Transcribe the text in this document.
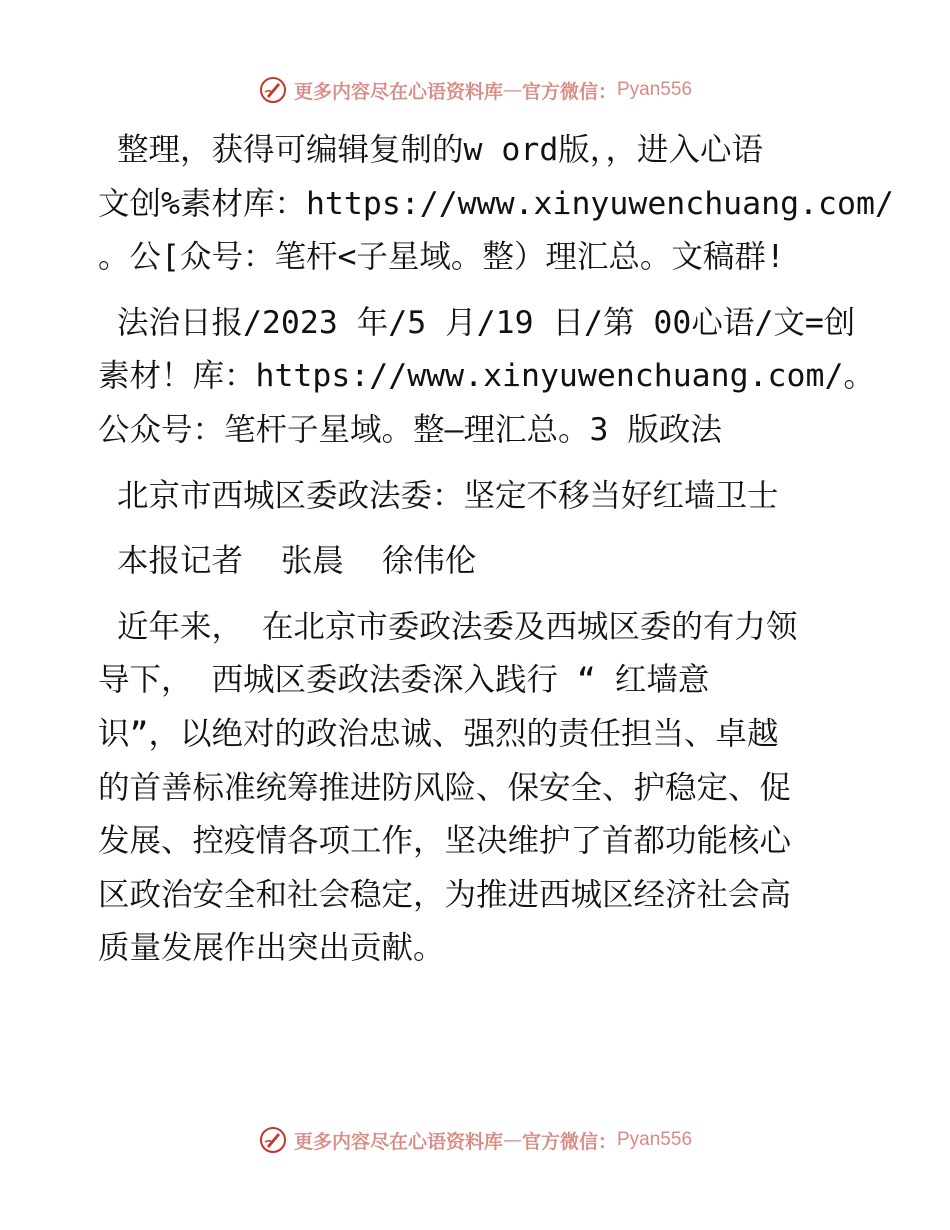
更多内容尽在心语资料库 — 官方微信： Pyan556

整理，获得可编辑复制的w ord版，，进入心语
文创%素材库：https://www.xinyuwenchuang.com/
。公[众号：笔杆<子星域。整）理汇总。文稿群!

法治日报/2023 年/5 月/19 日/第 00心语/文=创
素材！库：https://www.xinyuwenchuang.com/。
公众号：笔杆子星域。整—理汇总。3 版政法

北京市西城区委政法委：坚定不移当好红墙卫士

本报记者  张晨  徐伟伦

近年来， 在北京市委政法委及西城区委的有力领
导下， 西城区委政法委深入践行 “ 红墙意
识”，以绝对的政治忠诚、强烈的责任担当、卓越
的首善标准统筹推进防风险、保安全、护稳定、促
发展、控疫情各项工作，坚决维护了首都功能核心
区政治安全和社会稳定，为推进西城区经济社会高
质量发展作出突出贡献。

更多内容尽在心语资料库 — 官方微信： Pyan556
